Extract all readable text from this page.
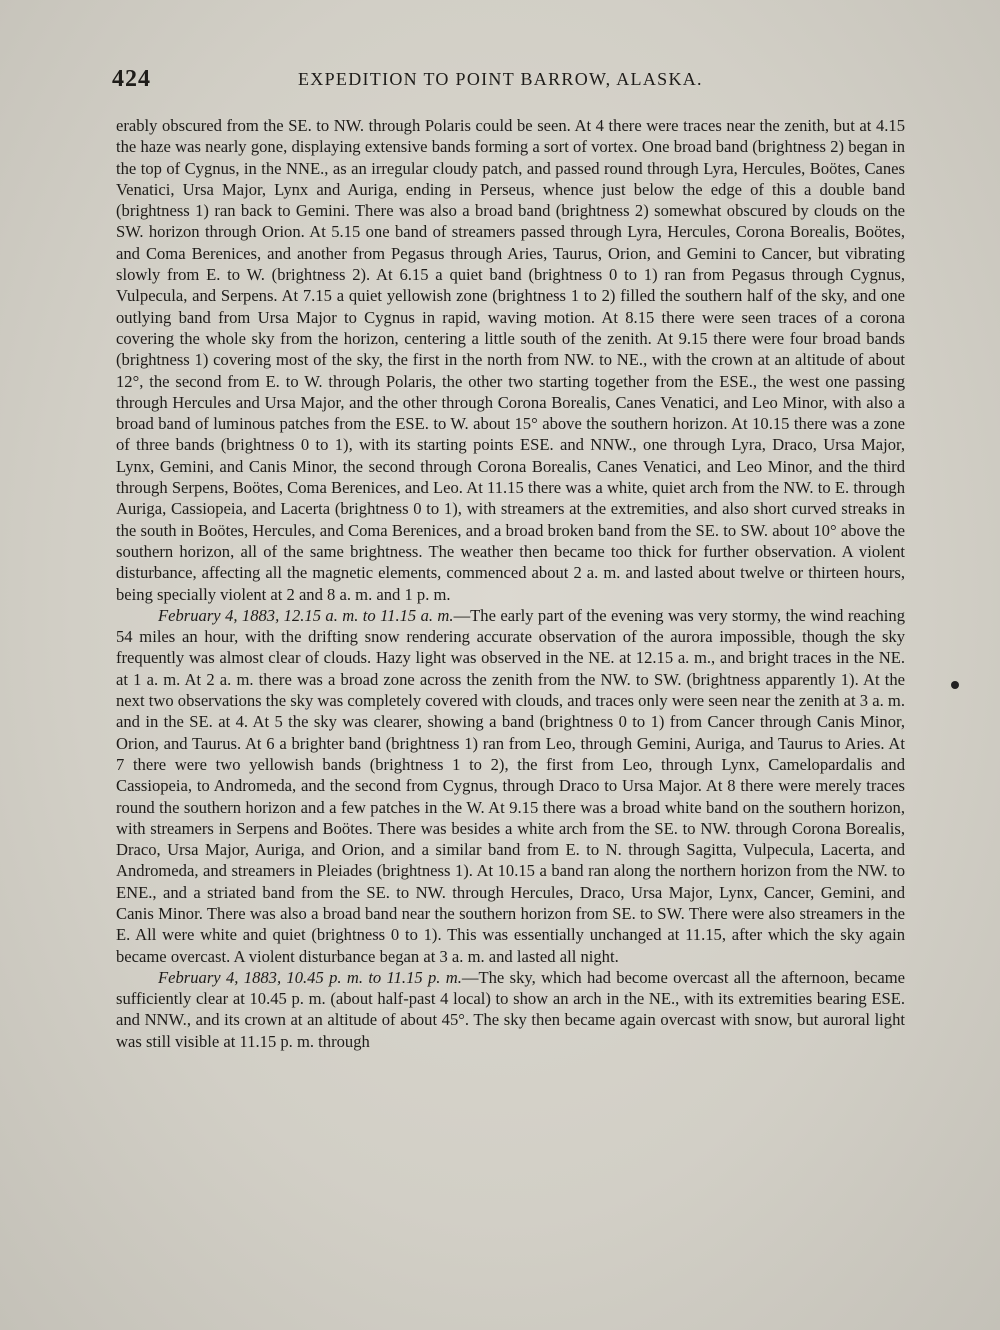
424	EXPEDITION TO POINT BARROW, ALASKA.

erably obscured from the SE. to NW. through Polaris could be seen. At 4 there were traces near the zenith, but at 4.15 the haze was nearly gone, displaying extensive bands forming a sort of vortex. One broad band (brightness 2) began in the top of Cygnus, in the NNE., as an irregular cloudy patch, and passed round through Lyra, Hercules, Boötes, Canes Venatici, Ursa Major, Lynx and Auriga, ending in Perseus, whence just below the edge of this a double band (brightness 1) ran back to Gemini. There was also a broad band (brightness 2) somewhat obscured by clouds on the SW. horizon through Orion. At 5.15 one band of streamers passed through Lyra, Hercules, Corona Borealis, Boötes, and Coma Berenices, and another from Pegasus through Aries, Taurus, Orion, and Gemini to Cancer, but vibrating slowly from E. to W. (brightness 2). At 6.15 a quiet band (brightness 0 to 1) ran from Pegasus through Cygnus, Vulpecula, and Serpens. At 7.15 a quiet yellowish zone (brightness 1 to 2) filled the southern half of the sky, and one outlying band from Ursa Major to Cygnus in rapid, waving motion. At 8.15 there were seen traces of a corona covering the whole sky from the horizon, centering a little south of the zenith. At 9.15 there were four broad bands (brightness 1) covering most of the sky, the first in the north from NW. to NE., with the crown at an altitude of about 12°, the second from E. to W. through Polaris, the other two starting together from the ESE., the west one passing through Hercules and Ursa Major, and the other through Corona Borealis, Canes Venatici, and Leo Minor, with also a broad band of luminous patches from the ESE. to W. about 15° above the southern horizon. At 10.15 there was a zone of three bands (brightness 0 to 1), with its starting points ESE. and NNW., one through Lyra, Draco, Ursa Major, Lynx, Gemini, and Canis Minor, the second through Corona Borealis, Canes Venatici, and Leo Minor, and the third through Serpens, Boötes, Coma Berenices, and Leo. At 11.15 there was a white, quiet arch from the NW. to E. through Auriga, Cassiopeia, and Lacerta (brightness 0 to 1), with streamers at the extremities, and also short curved streaks in the south in Boötes, Hercules, and Coma Berenices, and a broad broken band from the SE. to SW. about 10° above the southern horizon, all of the same brightness. The weather then became too thick for further observation. A violent disturbance, affecting all the magnetic elements, commenced about 2 a. m. and lasted about twelve or thirteen hours, being specially violent at 2 and 8 a. m. and 1 p. m.

February 4, 1883, 12.15 a. m. to 11.15 a. m.—The early part of the evening was very stormy, the wind reaching 54 miles an hour, with the drifting snow rendering accurate observation of the aurora impossible, though the sky frequently was almost clear of clouds. Hazy light was observed in the NE. at 12.15 a. m., and bright traces in the NE. at 1 a. m. At 2 a. m. there was a broad zone across the zenith from the NW. to SW. (brightness apparently 1). At the next two observations the sky was completely covered with clouds, and traces only were seen near the zenith at 3 a. m. and in the SE. at 4. At 5 the sky was clearer, showing a band (brightness 0 to 1) from Cancer through Canis Minor, Orion, and Taurus. At 6 a brighter band (brightness 1) ran from Leo, through Gemini, Auriga, and Taurus to Aries. At 7 there were two yellowish bands (brightness 1 to 2), the first from Leo, through Lynx, Camelopardalis and Cassiopeia, to Andromeda, and the second from Cygnus, through Draco to Ursa Major. At 8 there were merely traces round the southern horizon and a few patches in the W. At 9.15 there was a broad white band on the southern horizon, with streamers in Serpens and Boötes. There was besides a white arch from the SE. to NW. through Corona Borealis, Draco, Ursa Major, Auriga, and Orion, and a similar band from E. to N. through Sagitta, Vulpecula, Lacerta, and Andromeda, and streamers in Pleiades (brightness 1). At 10.15 a band ran along the northern horizon from the NW. to ENE., and a striated band from the SE. to NW. through Hercules, Draco, Ursa Major, Lynx, Cancer, Gemini, and Canis Minor. There was also a broad band near the southern horizon from SE. to SW. There were also streamers in the E. All were white and quiet (brightness 0 to 1). This was essentially unchanged at 11.15, after which the sky again became overcast. A violent disturbance began at 3 a. m. and lasted all night.

February 4, 1883, 10.45 p. m. to 11.15 p. m.—The sky, which had become overcast all the afternoon, became sufficiently clear at 10.45 p. m. (about half-past 4 local) to show an arch in the NE., with its extremities bearing ESE. and NNW., and its crown at an altitude of about 45°. The sky then became again overcast with snow, but auroral light was still visible at 11.15 p. m. through
